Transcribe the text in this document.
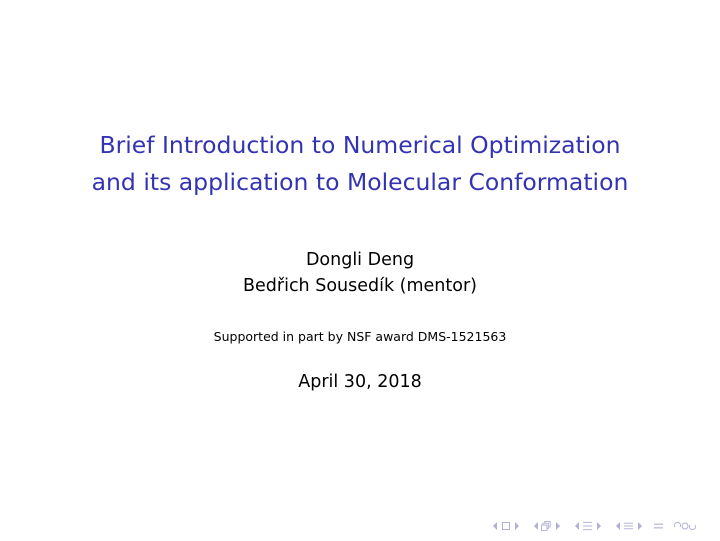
Brief Introduction to Numerical Optimization
and its application to Molecular Conformation
Dongli Deng
Bedřich Sousedík (mentor)
Supported in part by NSF award DMS-1521563
April 30, 2018
